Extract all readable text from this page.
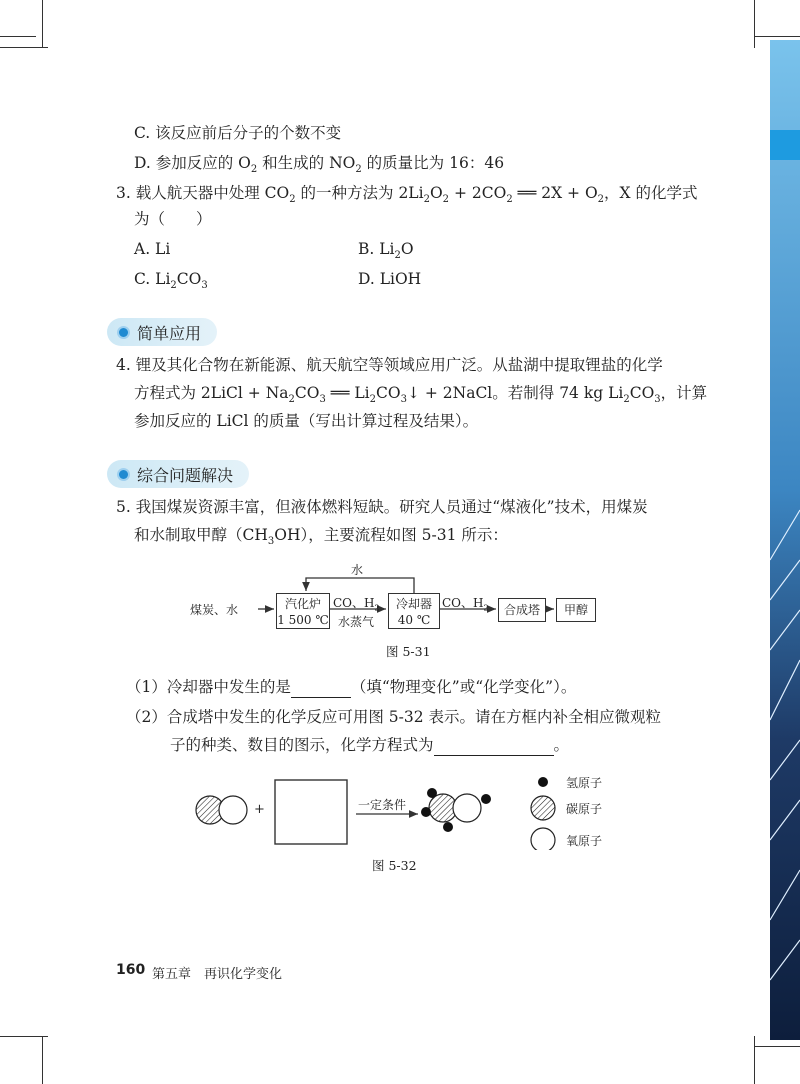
C. 该反应前后分子的个数不变
D. 参加反应的 $O_2$ 和生成的 $NO_2$ 的质量比为 16：46
3. 载人航天器中处理 $CO_2$ 的一种方法为 $2Li_2O_2 + 2CO_2$ ══ $2X + O_2$，X 的化学式
为（　　）
A. Li	B. $Li_2O$
C. $Li_2CO_3$	D. LiOH
简单应用
4. 锂及其化合物在新能源、航天航空等领域应用广泛。从盐湖中提取锂盐的化学
方程式为 2LiCl + $Na_2CO_3$ ══ $Li_2CO_3↓$ + 2NaCl。若制得 74 kg $Li_2CO_3$，计算
参加反应的 LiCl 的质量（写出计算过程及结果）。
综合问题解决
5. 我国煤炭资源丰富，但液体燃料短缺。研究人员通过“煤液化”技术，用煤炭
和水制取甲醇$(CH_3OH)$，主要流程如图 5-31 所示：
煤炭、水
水
汽化炉
1 500 ℃
CO、$H_2$
水蒸气
冷却器
40 ℃
CO、$H_2$	合成塔	甲醇
图 5-31
（1）冷却器中发生的是	（填“物理变化”或“化学变化”）。
（2）合成塔中发生的化学反应可用图 5-32 表示。请在方框内补全相应微观粒
子的种类、数目的图示，化学方程式为	。
+	一定条件
氢原子
碳原子
氧原子
图 5-32
160 第五章　再识化学变化
